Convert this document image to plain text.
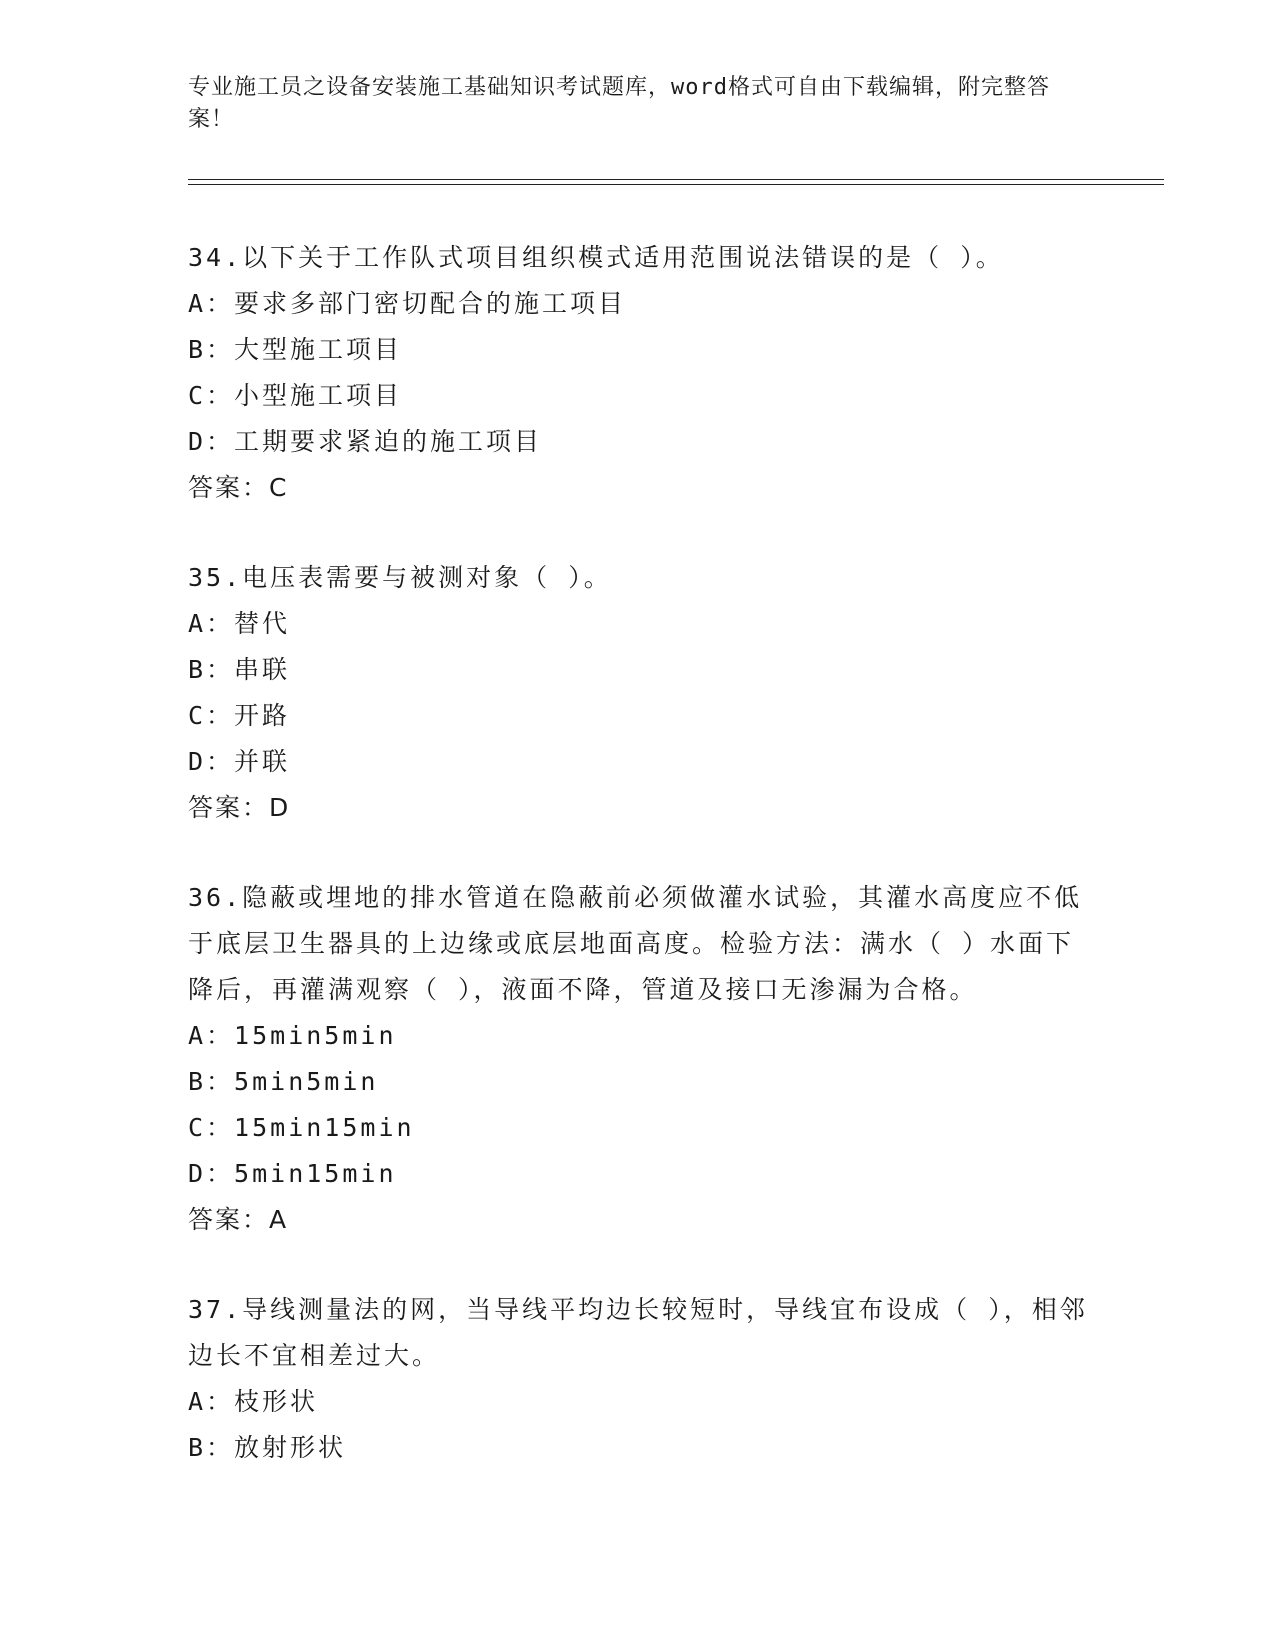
专业施工员之设备安装施工基础知识考试题库，word格式可自由下载编辑，附完整答案！

34.以下关于工作队式项目组织模式适用范围说法错误的是（ ）。

A：要求多部门密切配合的施工项目

B：大型施工项目

C：小型施工项目

D：工期要求紧迫的施工项目

答案：C

35.电压表需要与被测对象（ ）。

A：替代

B：串联

C：开路

D：并联

答案：D

36.隐蔽或埋地的排水管道在隐蔽前必须做灌水试验，其灌水高度应不低于底层卫生器具的上边缘或底层地面高度。检验方法：满水（ ）水面下降后，再灌满观察（ ），液面不降，管道及接口无渗漏为合格。

A：15min5min

B：5min5min

C：15min15min

D：5min15min

答案：A

37.导线测量法的网，当导线平均边长较短时，导线宜布设成（ ），相邻边长不宜相差过大。

A：枝形状

B：放射形状
